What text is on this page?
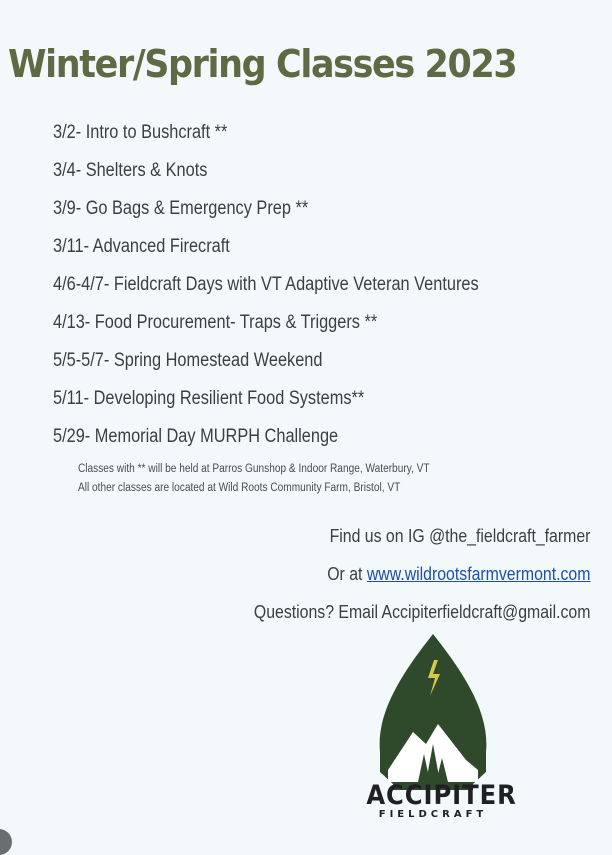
Winter/Spring Classes 2023
3/2- Intro to Bushcraft **
3/4- Shelters & Knots
3/9- Go Bags & Emergency Prep **
3/11- Advanced Firecraft
4/6-4/7- Fieldcraft Days with VT Adaptive Veteran Ventures
4/13- Food Procurement- Traps & Triggers **
5/5-5/7- Spring Homestead Weekend
5/11- Developing Resilient Food Systems**
5/29- Memorial Day MURPH Challenge
Classes with ** will be held at Parros Gunshop & Indoor Range, Waterbury, VT
All other classes are located at Wild Roots Community Farm, Bristol, VT
Find us on IG @the_fieldcraft_farmer
Or at www.wildrootsfarmvermont.com
Questions? Email Accipiterfieldcraft@gmail.com
ACCIPITER
FIELDCRAFT
